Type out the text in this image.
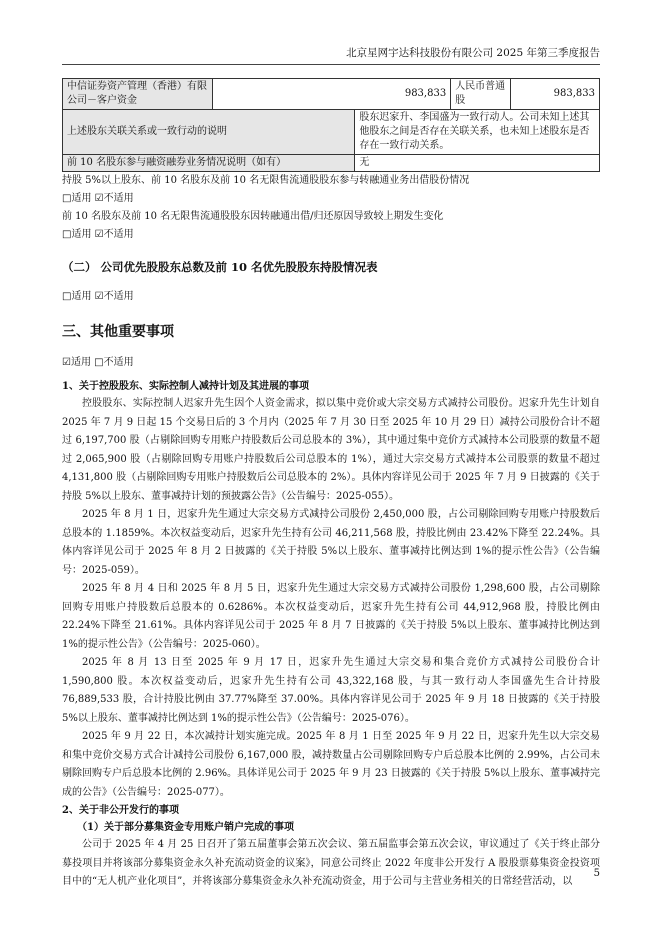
北京星网宇达科技股份有限公司 2025 年第三季度报告
中信证券资产管理（香港）有限公司－客户资金	983,833		人民币普通股	983,833
上述股东关联关系或一致行动的说明		股东迟家升、李国盛为一致行动人。公司未知上述其他股东之间是否存在关联关系，也未知上述股东是否存在一致行动关系。		
前 10 名股东参与融资融券业务情况说明（如有）		无		

持股 5%以上股东、前 10 名股东及前 10 名无限售流通股股东参与转融通业务出借股份情况

□适用 ☑不适用

前 10 名股东及前 10 名无限售流通股股东因转融通出借/归还原因导致较上期发生变化

□适用 ☑不适用

（二） 公司优先股股东总数及前 10 名优先股股东持股情况表

□适用 ☑不适用

三、其他重要事项

☑适用 □不适用

1、关于控股股东、实际控制人减持计划及其进展的事项

控股股东、实际控制人迟家升先生因个人资金需求，拟以集中竞价或大宗交易方式减持公司股份。迟家升先生计划自 2025 年 7 月 9 日起 15 个交易日后的 3 个月内（2025 年 7 月 30 日至 2025 年 10 月 29 日）减持公司股份合计不超过 6,197,700 股（占剔除回购专用账户持股数后公司总股本的 3%），其中通过集中竞价方式减持本公司股票的数量不超过 2,065,900 股（占剔除回购专用账户持股数后公司总股本的 1%），通过大宗交易方式减持本公司股票的数量不超过 4,131,800 股（占剔除回购专用账户持股数后公司总股本的 2%）。具体内容详见公司于 2025 年 7 月 9 日披露的《关于持股 5%以上股东、董事减持计划的预披露公告》（公告编号：2025-055）。

2025 年 8 月 1 日，迟家升先生通过大宗交易方式减持公司股份 2,450,000 股，占公司剔除回购专用账户持股数后总股本的 1.1859%。本次权益变动后，迟家升先生持有公司 46,211,568 股，持股比例由 23.42%下降至 22.24%。具体内容详见公司于 2025 年 8 月 2 日披露的《关于持股 5%以上股东、董事减持比例达到 1%的提示性公告》（公告编号：2025-059）。

2025 年 8 月 4 日和 2025 年 8 月 5 日，迟家升先生通过大宗交易方式减持公司股份 1,298,600 股，占公司剔除回购专用账户持股数后总股本的 0.6286%。本次权益变动后，迟家升先生持有公司 44,912,968 股，持股比例由 22.24%下降至 21.61%。具体内容详见公司于 2025 年 8 月 7 日披露的《关于持股 5%以上股东、董事减持比例达到 1%的提示性公告》（公告编号：2025-060）。

2025 年 8 月 13 日至 2025 年 9 月 17 日，迟家升先生通过大宗交易和集合竞价方式减持公司股份合计 1,590,800 股。本次权益变动后，迟家升先生持有公司 43,322,168 股，与其一致行动人李国盛先生合计持股 76,889,533 股，合计持股比例由 37.77%降至 37.00%。具体内容详见公司于 2025 年 9 月 18 日披露的《关于持股 5%以上股东、董事减持比例达到 1%的提示性公告》（公告编号：2025-076）。

2025 年 9 月 22 日，本次减持计划实施完成。2025 年 8 月 1 日至 2025 年 9 月 22 日，迟家升先生以大宗交易和集中竞价交易方式合计减持公司股份 6,167,000 股，减持数量占公司剔除回购专户后总股本比例的 2.99%，占公司未剔除回购专户后总股本比例的 2.96%。具体详见公司于 2025 年 9 月 23 日披露的《关于持股 5%以上股东、董事减持完成的公告》（公告编号：2025-077）。

2、关于非公开发行的事项

（1）关于部分募集资金专用账户销户完成的事项

公司于 2025 年 4 月 25 日召开了第五届董事会第五次会议、第五届监事会第五次会议，审议通过了《关于终止部分募投项目并将该部分募集资金永久补充流动资金的议案》，同意公司终止 2022 年度非公开发行 A 股股票募集资金投资项目中的“无人机产业化项目”，并将该部分募集资金永久补充流动资金，用于公司与主营业务相关的日常经营活动，以

5
